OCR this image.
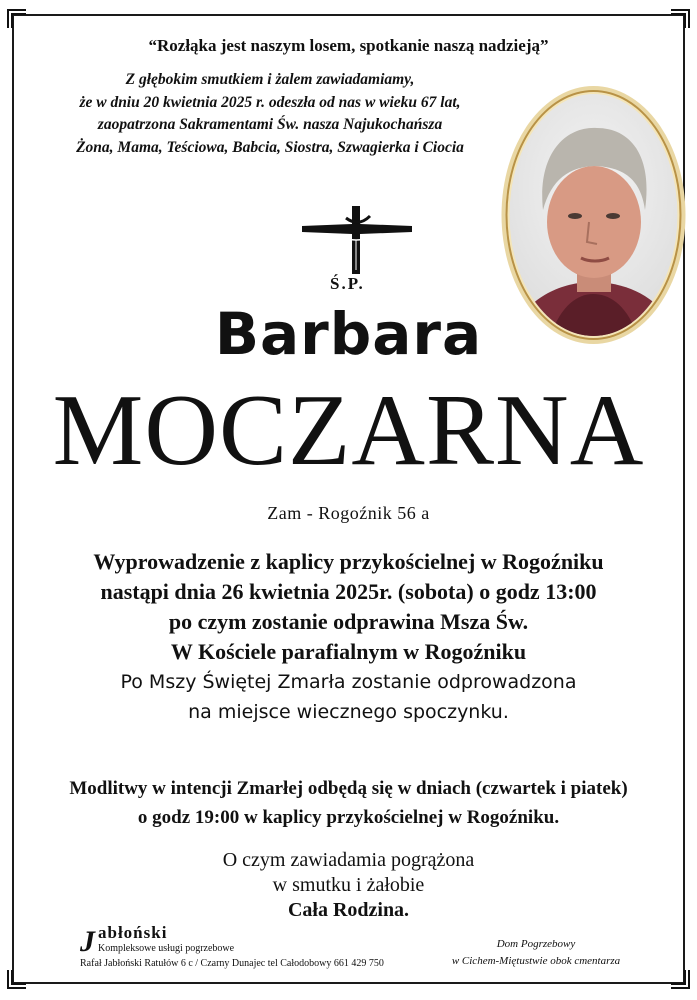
“Rozłąka jest naszym losem, spotkanie naszą nadzieją”
Z głębokim smutkiem i żalem zawiadamiamy,
że w dniu 20 kwietnia 2025 r. odeszła od nas w wieku 67 lat,
zaopatrzona Sakramentami Św. nasza Najukochańsza
Żona, Mama, Teściowa, Babcia, Siostra, Szwagierka i Ciocia
Ś.P.
Barbara
MOCZARNA
Zam - Rogoźnik 56 a
Wyprowadzenie z kaplicy przykościelnej w Rogoźniku
nastąpi dnia 26 kwietnia 2025r. (sobota) o godz 13:00
po czym zostanie odprawina Msza Św.
W Kościele parafialnym w Rogoźniku
Po Mszy Świętej Zmarła zostanie odprowadzona
na miejsce wiecznego spoczynku.
Modlitwy w intencji Zmarłej odbędą się w dniach (czwartek i piatek)
o godz 19:00 w kaplicy przykościelnej w Rogoźniku.
O czym zawiadamia pogrążona
w smutku i żałobie
Cała Rodzina.
J abłoński
Kompleksowe usługi pogrzebowe
Rafał Jabłoński Ratułów 6 c / Czarny Dunajec tel Całodobowy 661 429 750
Dom Pogrzebowy
w Cichem-Miętustwie obok cmentarza
